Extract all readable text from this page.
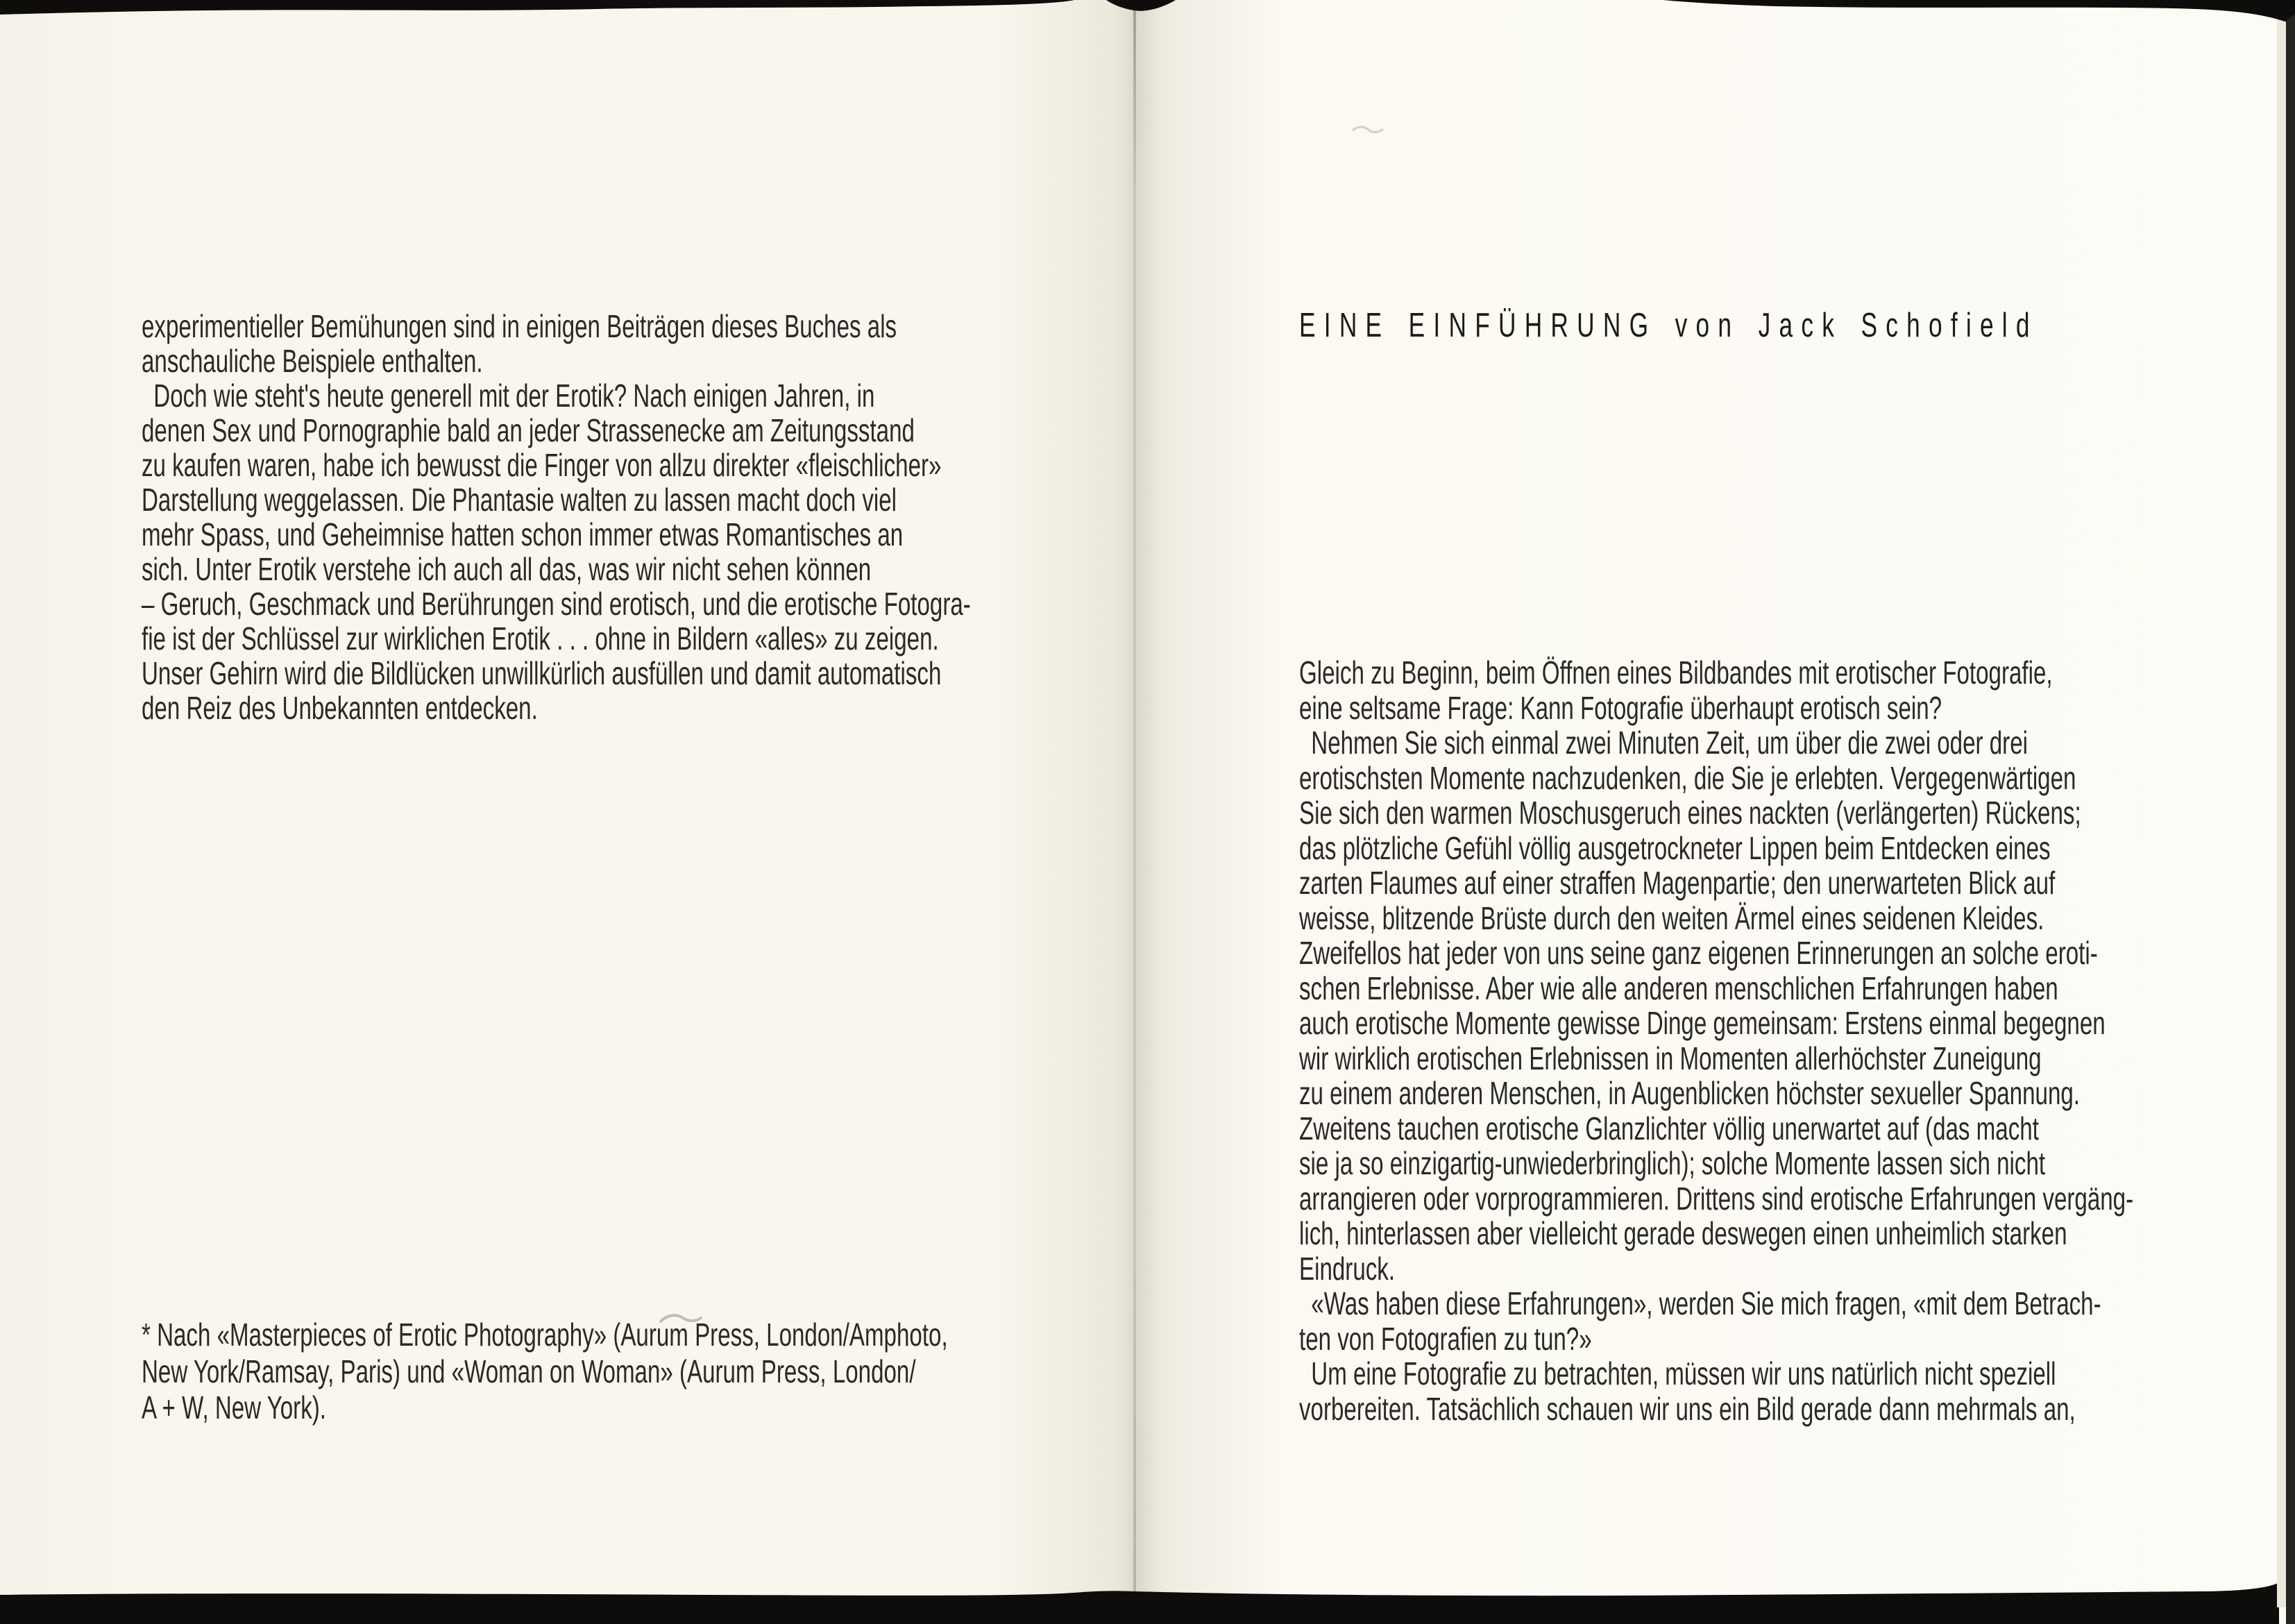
experimentieller Bemühungen sind in einigen Beiträgen dieses Buches als
anschauliche Beispiele enthalten.
Doch wie steht's heute generell mit der Erotik? Nach einigen Jahren, in
denen Sex und Pornographie bald an jeder Strassenecke am Zeitungsstand
zu kaufen waren, habe ich bewusst die Finger von allzu direkter «fleischlicher»
Darstellung weggelassen. Die Phantasie walten zu lassen macht doch viel
mehr Spass, und Geheimnise hatten schon immer etwas Romantisches an
sich. Unter Erotik verstehe ich auch all das, was wir nicht sehen können
– Geruch, Geschmack und Berührungen sind erotisch, und die erotische Fotogra-
fie ist der Schlüssel zur wirklichen Erotik . . . ohne in Bildern «alles» zu zeigen.
Unser Gehirn wird die Bildlücken unwillkürlich ausfüllen und damit automatisch
den Reiz des Unbekannten entdecken.
* Nach «Masterpieces of Erotic Photography» (Aurum Press, London/Amphoto,
New York/Ramsay, Paris) und «Woman on Woman» (Aurum Press, London/
A + W, New York).
EINE EINFÜHRUNG von Jack Schofield
Gleich zu Beginn, beim Öffnen eines Bildbandes mit erotischer Fotografie,
eine seltsame Frage: Kann Fotografie überhaupt erotisch sein?
Nehmen Sie sich einmal zwei Minuten Zeit, um über die zwei oder drei
erotischsten Momente nachzudenken, die Sie je erlebten. Vergegenwärtigen
Sie sich den warmen Moschusgeruch eines nackten (verlängerten) Rückens;
das plötzliche Gefühl völlig ausgetrockneter Lippen beim Entdecken eines
zarten Flaumes auf einer straffen Magenpartie; den unerwarteten Blick auf
weisse, blitzende Brüste durch den weiten Ärmel eines seidenen Kleides.
Zweifellos hat jeder von uns seine ganz eigenen Erinnerungen an solche eroti-
schen Erlebnisse. Aber wie alle anderen menschlichen Erfahrungen haben
auch erotische Momente gewisse Dinge gemeinsam: Erstens einmal begegnen
wir wirklich erotischen Erlebnissen in Momenten allerhöchster Zuneigung
zu einem anderen Menschen, in Augenblicken höchster sexueller Spannung.
Zweitens tauchen erotische Glanzlichter völlig unerwartet auf (das macht
sie ja so einzigartig-unwiederbringlich); solche Momente lassen sich nicht
arrangieren oder vorprogrammieren. Drittens sind erotische Erfahrungen vergäng-
lich, hinterlassen aber vielleicht gerade deswegen einen unheimlich starken
Eindruck.
«Was haben diese Erfahrungen», werden Sie mich fragen, «mit dem Betrach-
ten von Fotografien zu tun?»
Um eine Fotografie zu betrachten, müssen wir uns natürlich nicht speziell
vorbereiten. Tatsächlich schauen wir uns ein Bild gerade dann mehrmals an,
